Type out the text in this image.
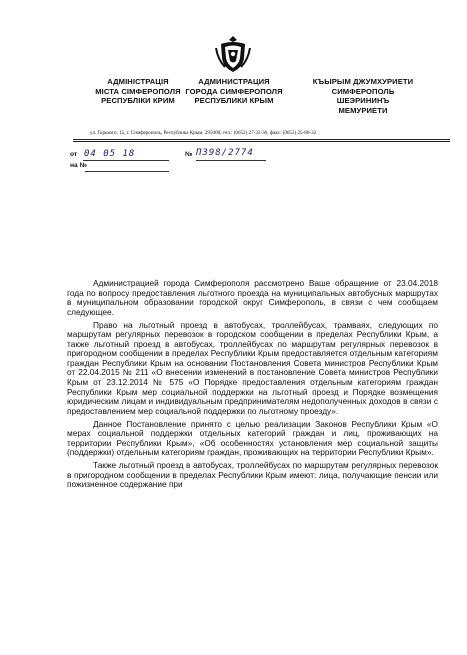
АДМІНІСТРАЦІЯ
МІСТА СІМФЕРОПОЛЯ
РЕСПУБЛІКИ КРИМ
АДМИНИСТРАЦИЯ
ГОРОДА СИМФЕРОПОЛЯ
РЕСПУБЛИКИ КРЫМ
КЪЫРЫМ ДЖУМХУРИЕТИ
СИМФЕРОПОЛЬ
ШЕЭРИНИНЪ
МЕМУРИЕТИ
ул. Горького, 15, г. Симферополь, Республика Крым, 295000, тел.: (0652) 27-32-36, факс: (0652) 25-80-32
от 04 05 18	№ П398/2774
на №

Администрацией города Симферополя рассмотрено Ваше обращение от 23.04.2018 года по вопросу предоставления льготного проезда на муниципальных автобусных маршрутах в муниципальном образовании городской округ Симферополь, в связи с чем сообщаем следующее.

Право на льготный проезд в автобусах, троллейбусах, трамваях, следующих по маршрутам регулярных перевозок в городском сообщении в пределах Республики Крым, а также льготный проезд в автобусах, троллейбусах по маршрутам регулярных перевозок в пригородном сообщении в пределах Республики Крым предоставляется отдельным категориям граждан Республики Крым на основании Постановления Совета министров Республики Крым от 22.04.2015 № 211 «О внесении изменений в постановление Совета министров Республики Крым от 23.12.2014 № 575 «О Порядке предоставления отдельным категориям граждан Республики Крым мер социальной поддержки на льготный проезд и Порядке возмещения юридическим лицам и индивидуальным предпринимателям недополученных доходов в связи с предоставлением мер социальной поддержки по льготному проезду».

Данное Постановление принято с целью реализации Законов Республики Крым «О мерах социальной поддержки отдельных категорий граждан и лиц, проживающих на территории Республики Крым», «Об особенностях установления мер социальной защиты (поддержки) отдельным категориям граждан, проживающих на территории Республики Крым».

Также льготный проезд в автобусах, троллейбусах по маршрутам регулярных перевозок в пригородном сообщении в пределах Республики Крым имеют: лица, получающие пенсии или пожизненное содержание при
